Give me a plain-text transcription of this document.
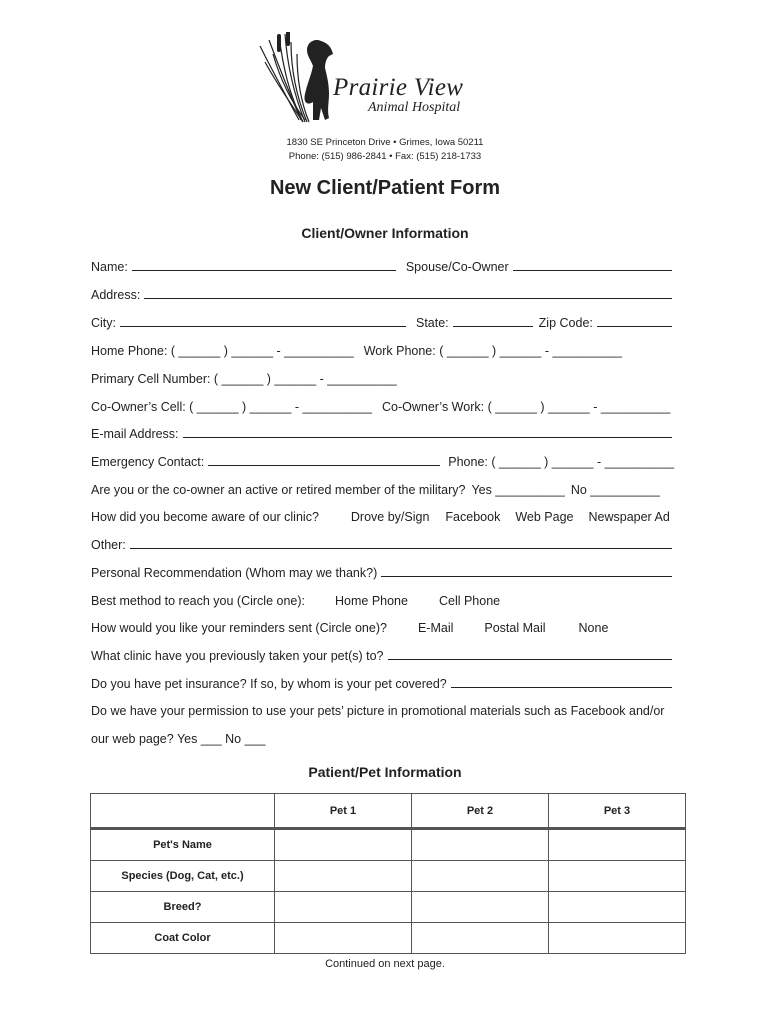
Prairie View
Animal Hospital
1830 SE Princeton Drive • Grimes, Iowa 50211
Phone: (515) 986-2841 • Fax: (515) 218-1733
New Client/Patient Form
Client/Owner Information
Name:	Spouse/Co-Owner
Address:
City:	State:	Zip Code:
Home Phone: ( ______ ) ______ - __________ Work Phone: ( ______ ) ______ - __________
Primary Cell Number: ( ______ ) ______ - __________
Co-Owner’s Cell: ( ______ ) ______ - __________ Co-Owner’s Work: ( ______ ) ______ - __________
E-mail Address:
Emergency Contact:	Phone: ( ______ ) ______ - __________
Are you or the co-owner an active or retired member of the military? Yes __________ No __________
How did you become aware of our clinic?	Drove by/Sign Facebook Web Page Newspaper Ad
Other:
Personal Recommendation (Whom may we thank?)
Best method to reach you (Circle one): Home Phone Cell Phone
How would you like your reminders sent (Circle one)? E-Mail Postal Mail	None
What clinic have you previously taken your pet(s) to?
Do you have pet insurance? If so, by whom is your pet covered?
Do we have your permission to use your pets’ picture in promotional materials such as Facebook and/or
our web page? Yes ___ No ___
Patient/Pet Information
	Pet 1	Pet 2	Pet 3
Pet's Name			
Species (Dog, Cat, etc.)			
Breed?			
Coat Color			
Continued on next page.
